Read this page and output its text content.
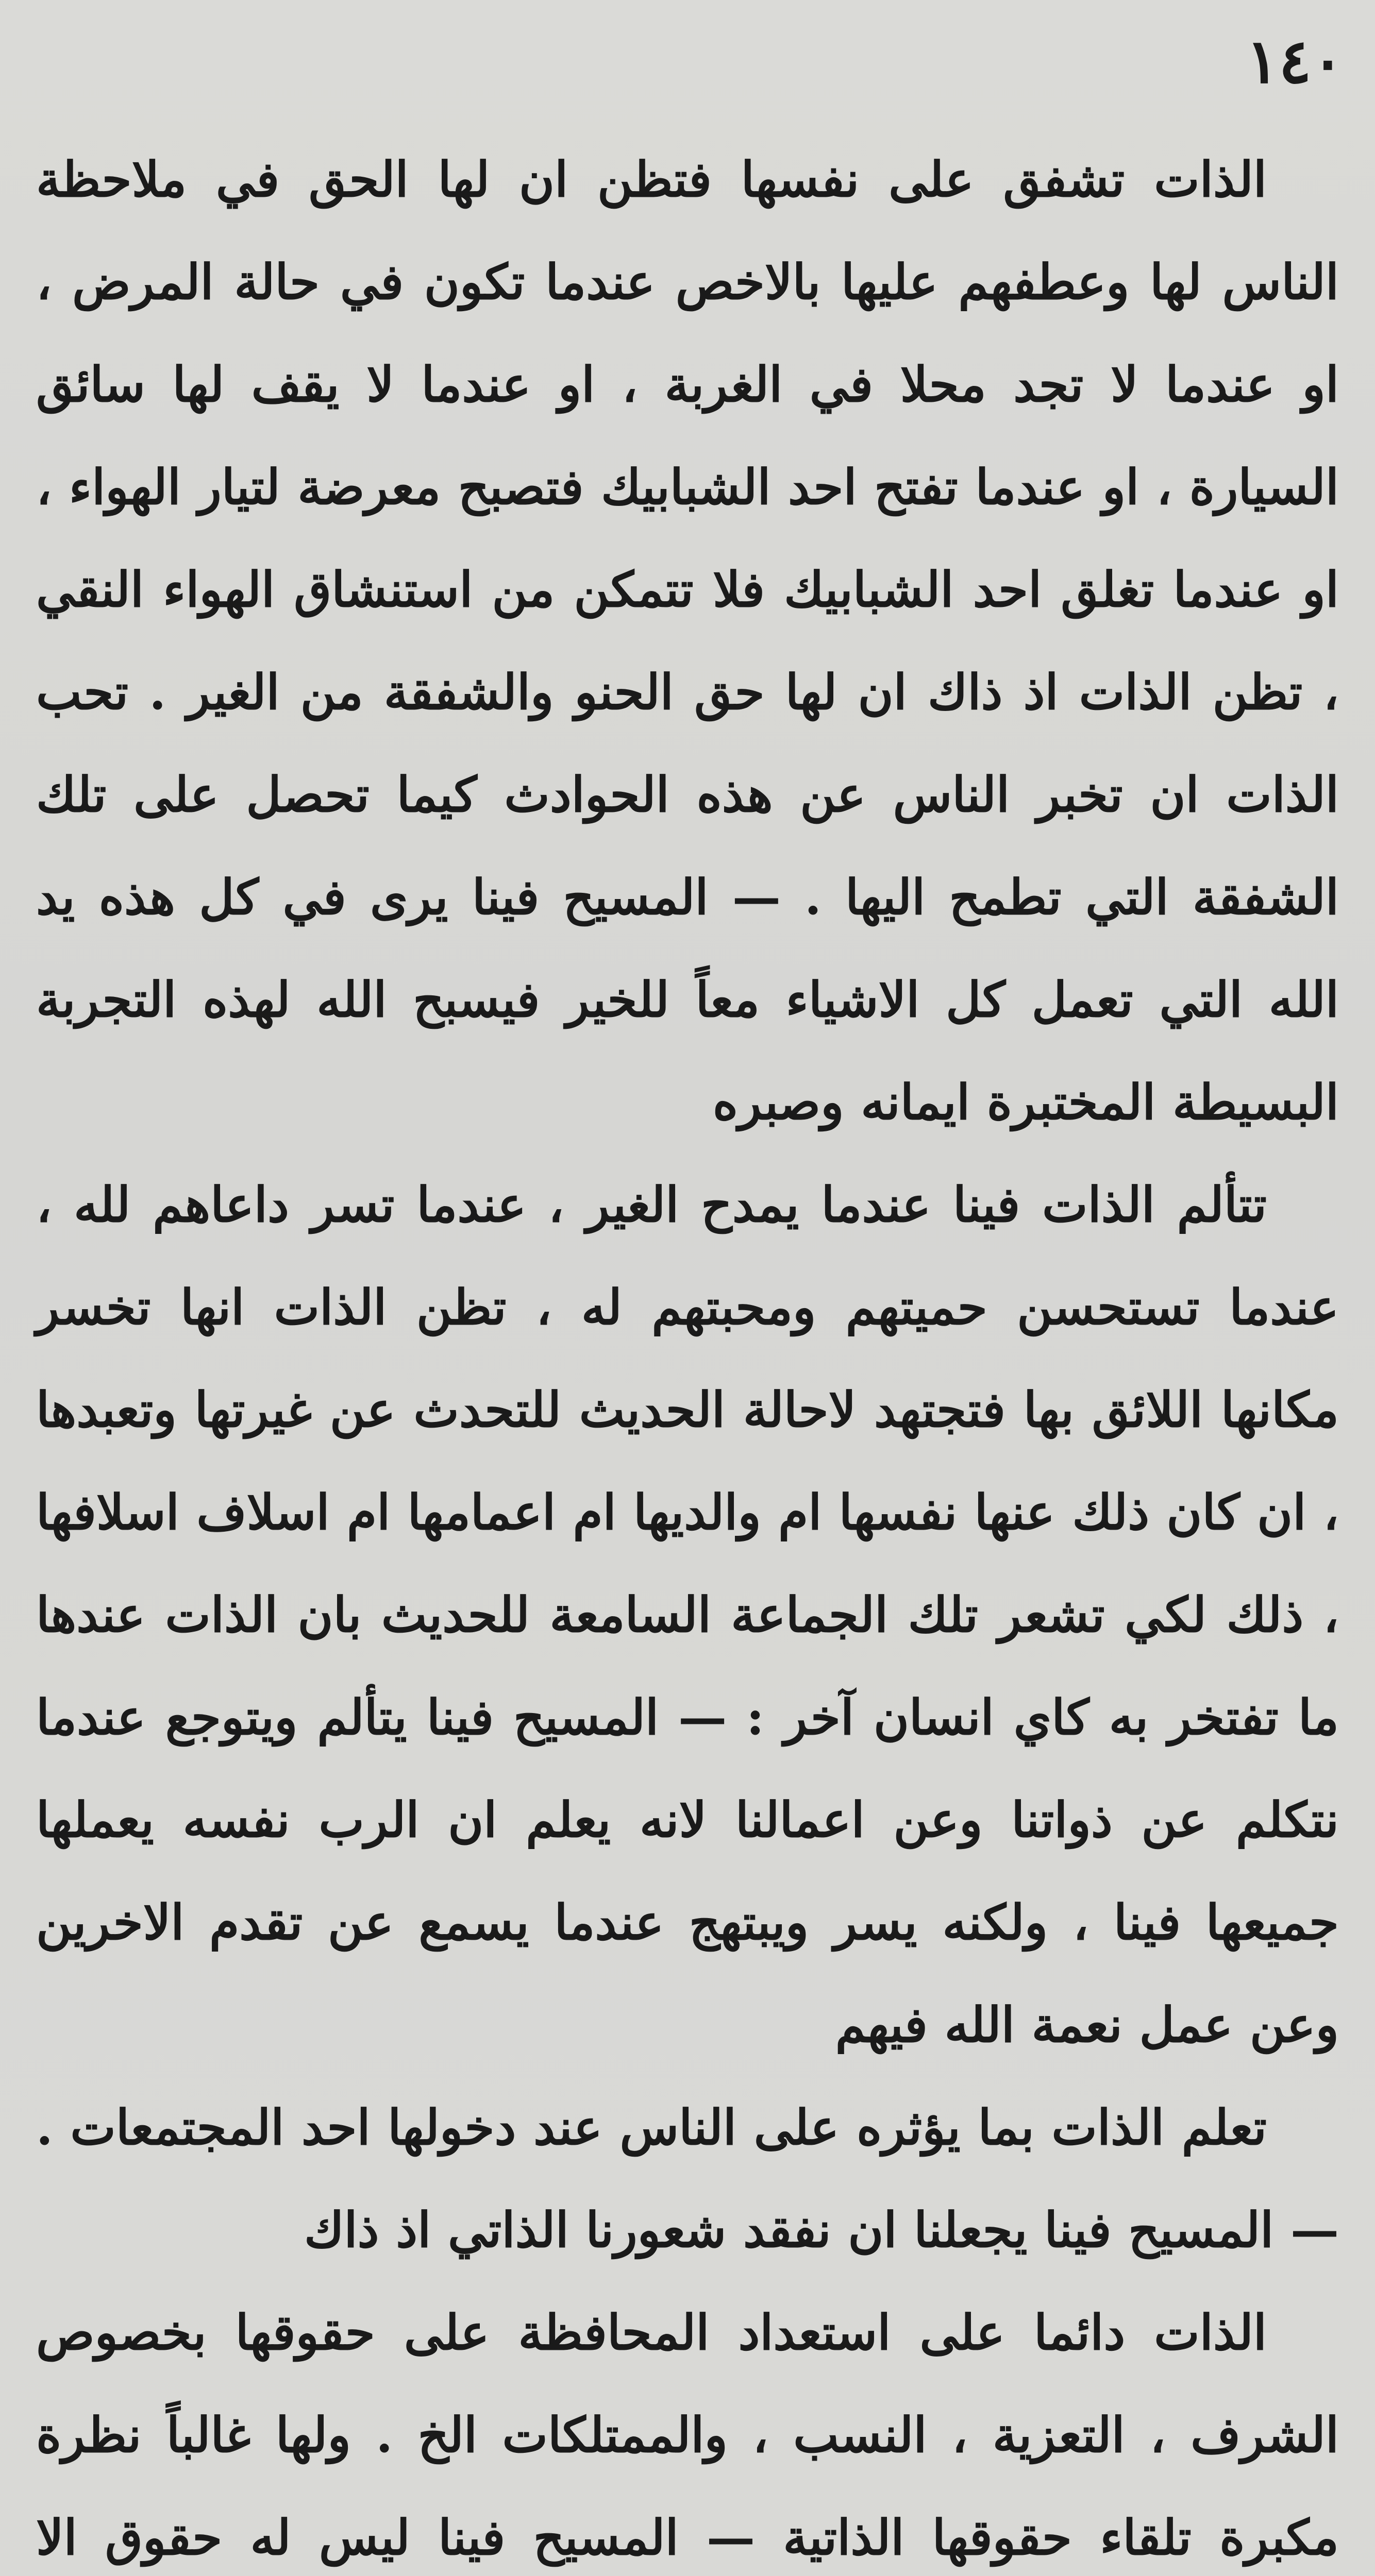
١٤٠

الذات تشفق على نفسها فتظن ان لها الحق في ملاحظة الناس لها وعطفهم عليها بالاخص عندما تكون في حالة المرض ، او عندما لا تجد محلا في الغربة ، او عندما لا يقف لها سائق السيارة ، او عندما تفتح احد الشبابيك فتصبح معرضة لتيار الهواء ، او عندما تغلق احد الشبابيك فلا تتمكن من استنشاق الهواء النقي ، تظن الذات اذ ذاك ان لها حق الحنو والشفقة من الغير . تحب الذات ان تخبر الناس عن هذه الحوادث كيما تحصل على تلك الشفقة التي تطمح اليها . — المسيح فينا يرى في كل هذه يد الله التي تعمل كل الاشياء معاً للخير فيسبح الله لهذه التجربة البسيطة المختبرة ايمانه وصبره

تتألم الذات فينا عندما يمدح الغير ، عندما تسر داعاهم لله ، عندما تستحسن حميتهم ومحبتهم له ، تظن الذات انها تخسر مكانها اللائق بها فتجتهد لاحالة الحديث للتحدث عن غيرتها وتعبدها ، ان كان ذلك عنها نفسها ام والديها ام اعمامها ام اسلاف اسلافها ، ذلك لكي تشعر تلك الجماعة السامعة للحديث بان الذات عندها ما تفتخر به كاي انسان آخر : — المسيح فينا يتألم ويتوجع عندما نتكلم عن ذواتنا وعن اعمالنا لانه يعلم ان الرب نفسه يعملها جميعها فينا ، ولكنه يسر ويبتهج عندما يسمع عن تقدم الاخرين وعن عمل نعمة الله فيهم

تعلم الذات بما يؤثره على الناس عند دخولها احد المجتمعات . — المسيح فينا يجعلنا ان نفقد شعورنا الذاتي اذ ذاك

الذات دائما على استعداد المحافظة على حقوقها بخصوص الشرف ، التعزية ، النسب ، والممتلكات الخ . ولها غالباً نظرة مكبرة تلقاء حقوقها الذاتية — المسيح فينا ليس له حقوق الا
